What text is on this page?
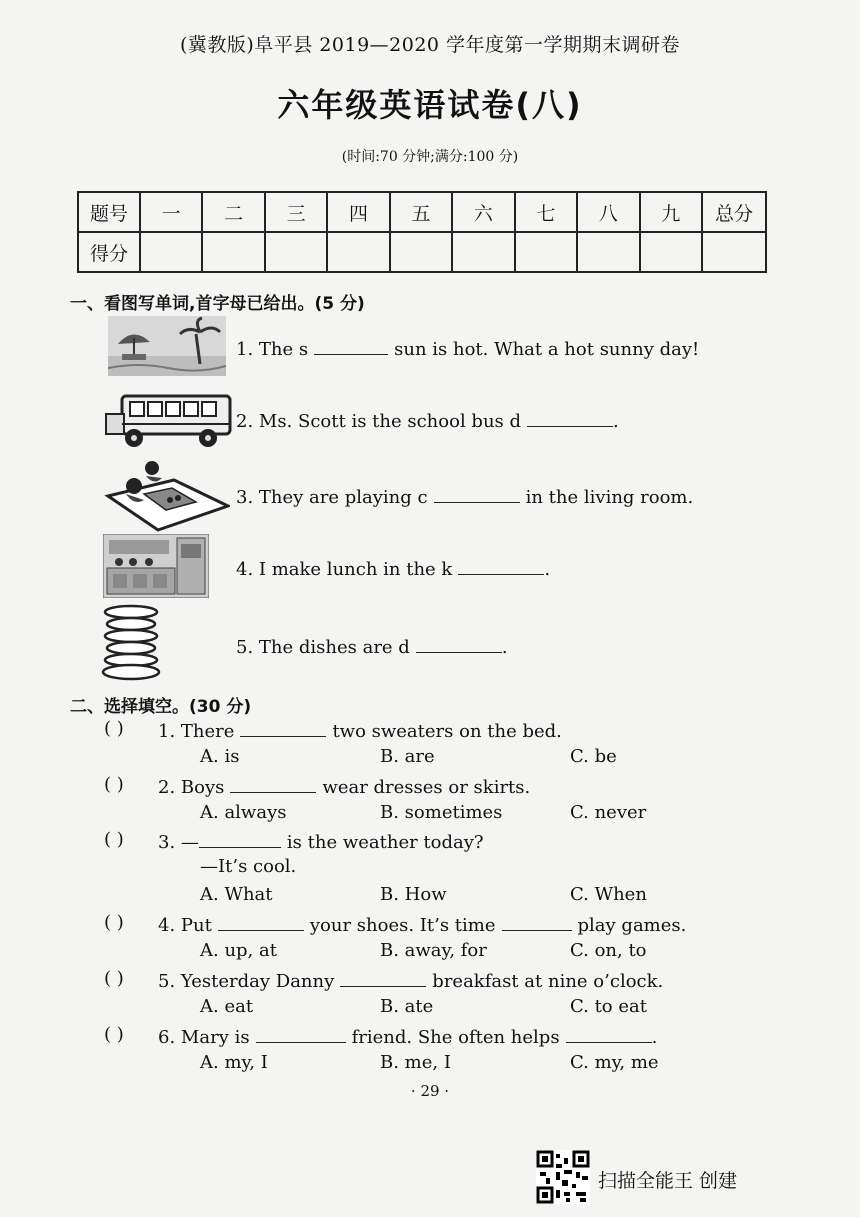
(冀教版)阜平县 2019—2020 学年度第一学期期末调研卷
六年级英语试卷(八)
(时间:70 分钟;满分:100 分)
题号	一	二	三	四	五	六	七	八	九	总分
得分										
一、看图写单词,首字母已给出。(5 分)
1. The s	sun is hot. What a hot sunny day!
2. Ms. Scott is the school bus d	.
3. They are playing c	in the living room.
4. I make lunch in the k	.
5. The dishes are d	.
二、选择填空。(30 分)
( ) 1. There	two sweaters on the bed.
A. is	B. are	C. be
( ) 2. Boys	wear dresses or skirts.
A. always	B. sometimes	C. never
( ) 3. —	is the weather today?
—It’s cool.
A. What	B. How	C. When
( ) 4. Put	your shoes. It’s time	play games.
A. up, at	B. away, for	C. on, to
( ) 5. Yesterday Danny	breakfast at nine o’clock.
A. eat	B. ate	C. to eat
( ) 6. Mary is	friend. She often helps	.
A. my, I	B. me, I	C. my, me
· 29 ·
扫描全能王 创建
